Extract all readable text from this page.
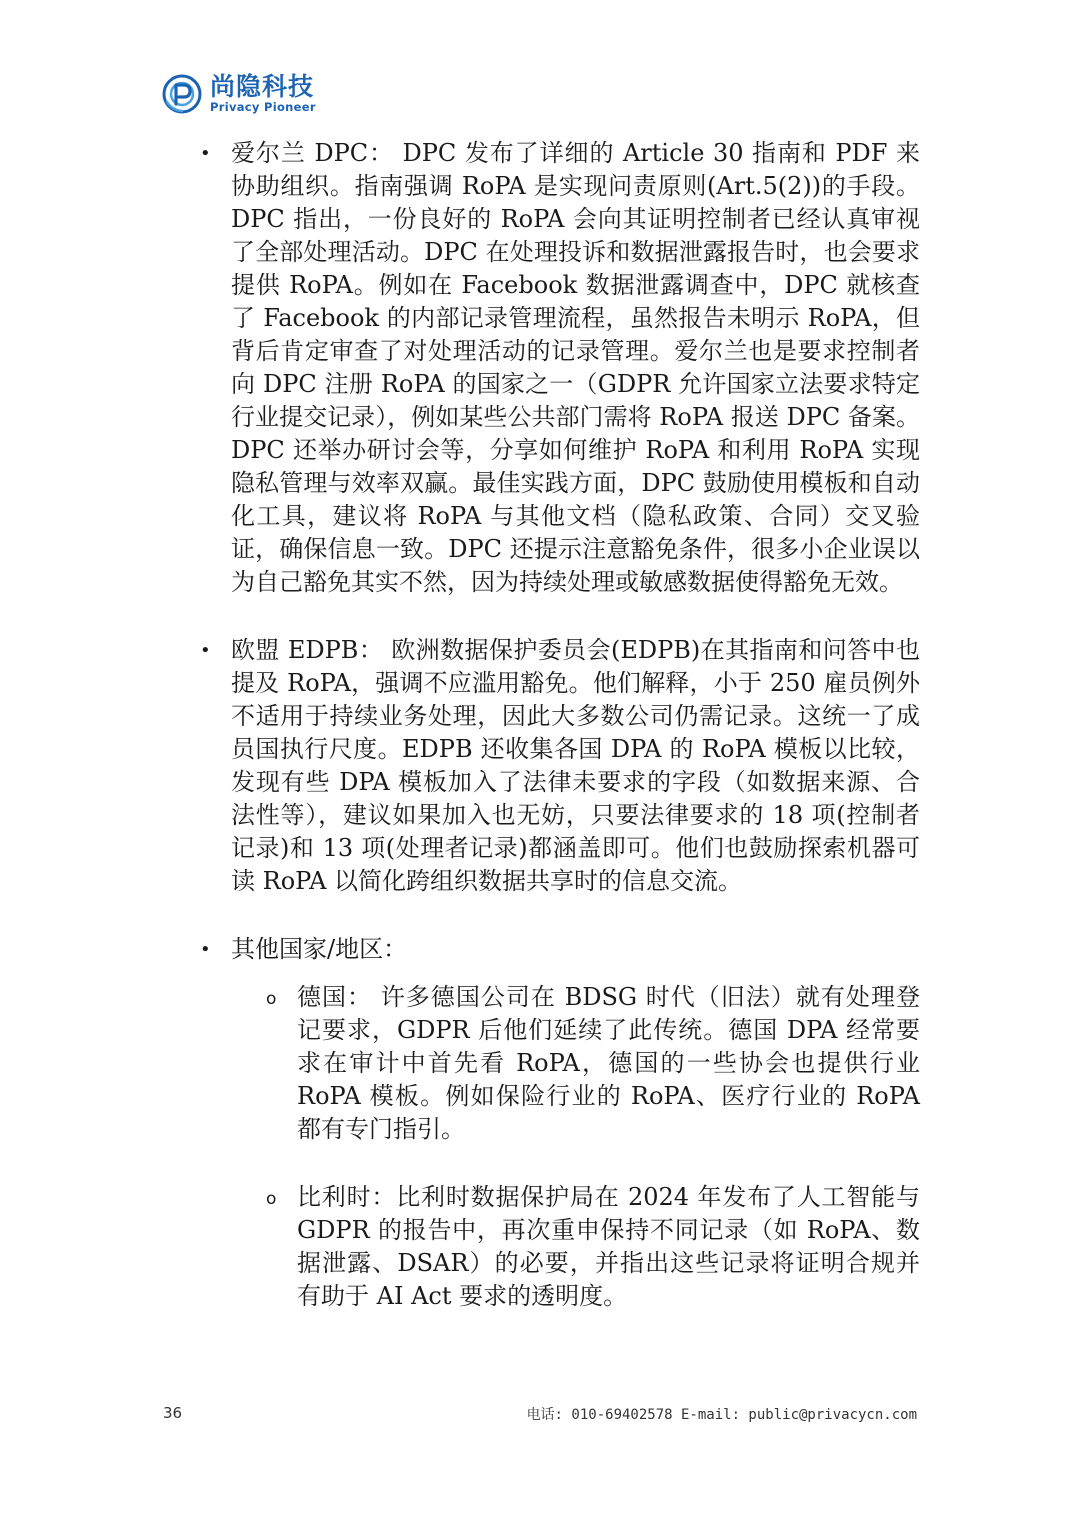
尚隐科技
Privacy Pioneer
• 爱尔兰 DPC： DPC 发布了详细的 Article 30 指南和 PDF 来协助组织。指南强调 RoPA 是实现问责原则(Art.5(2))的手段。DPC 指出，一份良好的 RoPA 会向其证明控制者已经认真审视了全部处理活动。DPC 在处理投诉和数据泄露报告时，也会要求提供 RoPA。例如在 Facebook 数据泄露调查中，DPC 就核查了 Facebook 的内部记录管理流程，虽然报告未明示 RoPA，但背后肯定审查了对处理活动的记录管理。爱尔兰也是要求控制者向 DPC 注册 RoPA 的国家之一（GDPR 允许国家立法要求特定行业提交记录），例如某些公共部门需将 RoPA 报送 DPC 备案。DPC 还举办研讨会等，分享如何维护 RoPA 和利用 RoPA 实现隐私管理与效率双赢。最佳实践方面，DPC 鼓励使用模板和自动化工具，建议将 RoPA 与其他文档（隐私政策、合同）交叉验证，确保信息一致。DPC 还提示注意豁免条件，很多小企业误以为自己豁免其实不然，因为持续处理或敏感数据使得豁免无效。
• 欧盟 EDPB： 欧洲数据保护委员会(EDPB)在其指南和问答中也提及 RoPA，强调不应滥用豁免。他们解释，小于 250 雇员例外不适用于持续业务处理，因此大多数公司仍需记录。这统一了成员国执行尺度。EDPB 还收集各国 DPA 的 RoPA 模板以比较，发现有些 DPA 模板加入了法律未要求的字段（如数据来源、合法性等），建议如果加入也无妨，只要法律要求的 18 项(控制者记录)和 13 项(处理者记录)都涵盖即可。他们也鼓励探索机器可读 RoPA 以简化跨组织数据共享时的信息交流。
• 其他国家/地区：
o 德国： 许多德国公司在 BDSG 时代（旧法）就有处理登记要求，GDPR 后他们延续了此传统。德国 DPA 经常要求在审计中首先看 RoPA，德国的一些协会也提供行业 RoPA 模板。例如保险行业的 RoPA、医疗行业的 RoPA 都有专门指引。
o 比利时：比利时数据保护局在 2024 年发布了人工智能与 GDPR 的报告中，再次重申保持不同记录（如 RoPA、数据泄露、DSAR）的必要，并指出这些记录将证明合规并有助于 AI Act 要求的透明度。
36	电话: 010-69402578 E-mail: public@privacycn.com
